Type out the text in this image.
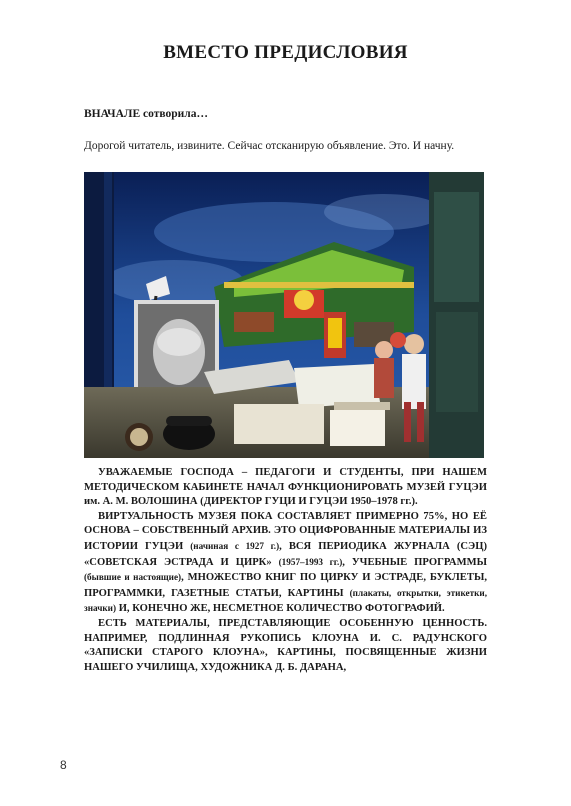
ВМЕСТО ПРЕДИСЛОВИЯ
ВНАЧАЛЕ сотворила…
Дорогой читатель, извините. Сейчас отсканирую объявление. Это. И начну.

УВАЖАЕМЫЕ ГОСПОДА – ПЕДАГОГИ И СТУДЕНТЫ, ПРИ НАШЕМ МЕТОДИЧЕСКОМ КАБИНЕТЕ НАЧАЛ ФУНКЦИОНИРОВАТЬ МУЗЕЙ ГУЦЭИ им. А. М. ВОЛОШИНА (ДИРЕКТОР ГУЦИ И ГУЦЭИ 1950–1978 гг.).

ВИРТУАЛЬНОСТЬ МУЗЕЯ ПОКА СОСТАВЛЯЕТ ПРИМЕРНО 75%, НО ЕЁ ОСНОВА – СОБСТВЕННЫЙ АРХИВ. ЭТО ОЦИФРОВАННЫЕ МАТЕРИАЛЫ ИЗ ИСТОРИИ ГУЦЭИ (начиная с 1927 г.), ВСЯ ПЕРИОДИКА ЖУРНАЛА (СЭЦ) «СОВЕТСКАЯ ЭСТРАДА И ЦИРК» (1957–1993 гг.), УЧЕБНЫЕ ПРОГРАММЫ (бывшие и настоящие), МНОЖЕСТВО КНИГ ПО ЦИРКУ И ЭСТРАДЕ, БУКЛЕТЫ, ПРОГРАММКИ, ГАЗЕТНЫЕ СТАТЬИ, КАРТИНЫ (плакаты, открытки, этикетки, значки) И, КОНЕЧНО ЖЕ, НЕСМЕТНОЕ КОЛИЧЕСТВО ФОТОГРАФИЙ.

ЕСТЬ МАТЕРИАЛЫ, ПРЕДСТАВЛЯЮЩИЕ ОСОБЕННУЮ ЦЕННОСТЬ. НАПРИМЕР, ПОДЛИННАЯ РУКОПИСЬ КЛОУНА И. С. РАДУНСКОГО «ЗАПИСКИ СТАРОГО КЛОУНА», КАРТИНЫ, ПОСВЯЩЕННЫЕ ЖИЗНИ НАШЕГО УЧИЛИЩА, ХУДОЖНИКА Д. Б. ДАРАНА,

8
